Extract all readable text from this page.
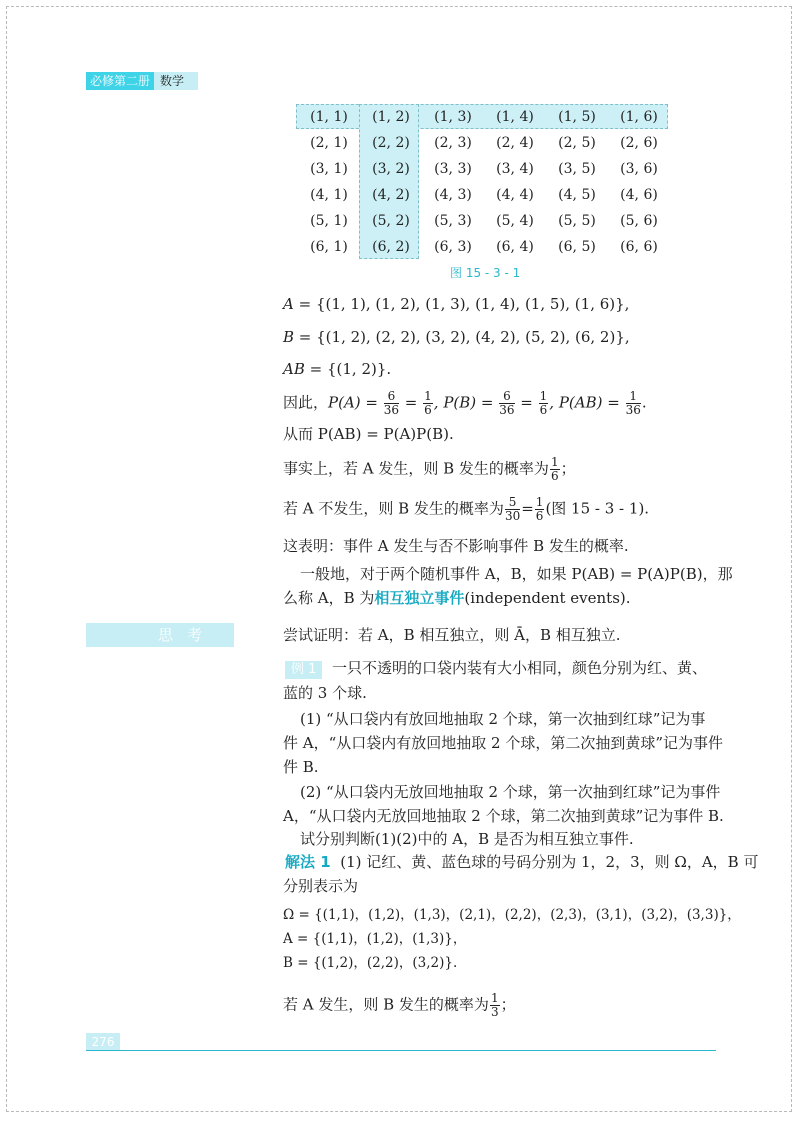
必修第二册 数学
(1, 1)	(1, 2)	(1, 3)	(1, 4)	(1, 5)	(1, 6)
(2, 1)	(2, 2)	(2, 3)	(2, 4)	(2, 5)	(2, 6)
(3, 1)	(3, 2)	(3, 3)	(3, 4)	(3, 5)	(3, 6)
(4, 1)	(4, 2)	(4, 3)	(4, 4)	(4, 5)	(4, 6)
(5, 1)	(5, 2)	(5, 3)	(5, 4)	(5, 5)	(5, 6)
(6, 1)	(6, 2)	(6, 3)	(6, 4)	(6, 5)	(6, 6)
图 15 - 3 - 1
A = {(1, 1), (1, 2), (1, 3), (1, 4), (1, 5), (1, 6)},
B = {(1, 2), (2, 2), (3, 2), (4, 2), (5, 2), (6, 2)},
AB = {(1, 2)}.
因此，$P(A) = \frac{6}{36} = \frac{1}{6}$ , $P(B) = \frac{6}{36} = \frac{1}{6}$ , $P(AB) = \frac{1}{36}$ .
从而 P(AB) = P(A)P(B).
事实上，若 A 发生，则 B 发生的概率为 $\frac{1}{6}$ ；
若 A 不发生，则 B 发生的概率为 $\frac{5}{30} = \frac{1}{6}$ (图 15 - 3 - 1).
这表明：事件 A 发生与否不影响事件 B 发生的概率.
一般地，对于两个随机事件 A，B，如果 P(AB) = P(A)P(B)，那
么称 A，B 为相互独立事件(independent events).
思考	尝试证明：若 A，B 相互独立，则 Ā，B 相互独立.
例 1 一只不透明的口袋内装有大小相同，颜色分别为红、黄、
蓝的 3 个球.
(1) “从口袋内有放回地抽取 2 个球，第一次抽到红球”记为事
件 A，“从口袋内有放回地抽取 2 个球，第二次抽到黄球”记为事件
件 B.
(2) “从口袋内无放回地抽取 2 个球，第一次抽到红球”记为事件
A，“从口袋内无放回地抽取 2 个球，第二次抽到黄球”记为事件 B.
试分别判断(1)(2)中的 A，B 是否为相互独立事件.
解法 1 (1) 记红、黄、蓝色球的号码分别为 1，2，3，则 Ω，A，B 可
分别表示为
Ω = {(1,1)，(1,2)，(1,3)，(2,1)，(2,2)，(2,3)，(3,1)，(3,2)，(3,3)}，
A = {(1,1)，(1,2)，(1,3)}，
B = {(1,2)，(2,2)，(3,2)}.
若 A 发生，则 B 发生的概率为 $\frac{1}{3}$ ；
276
